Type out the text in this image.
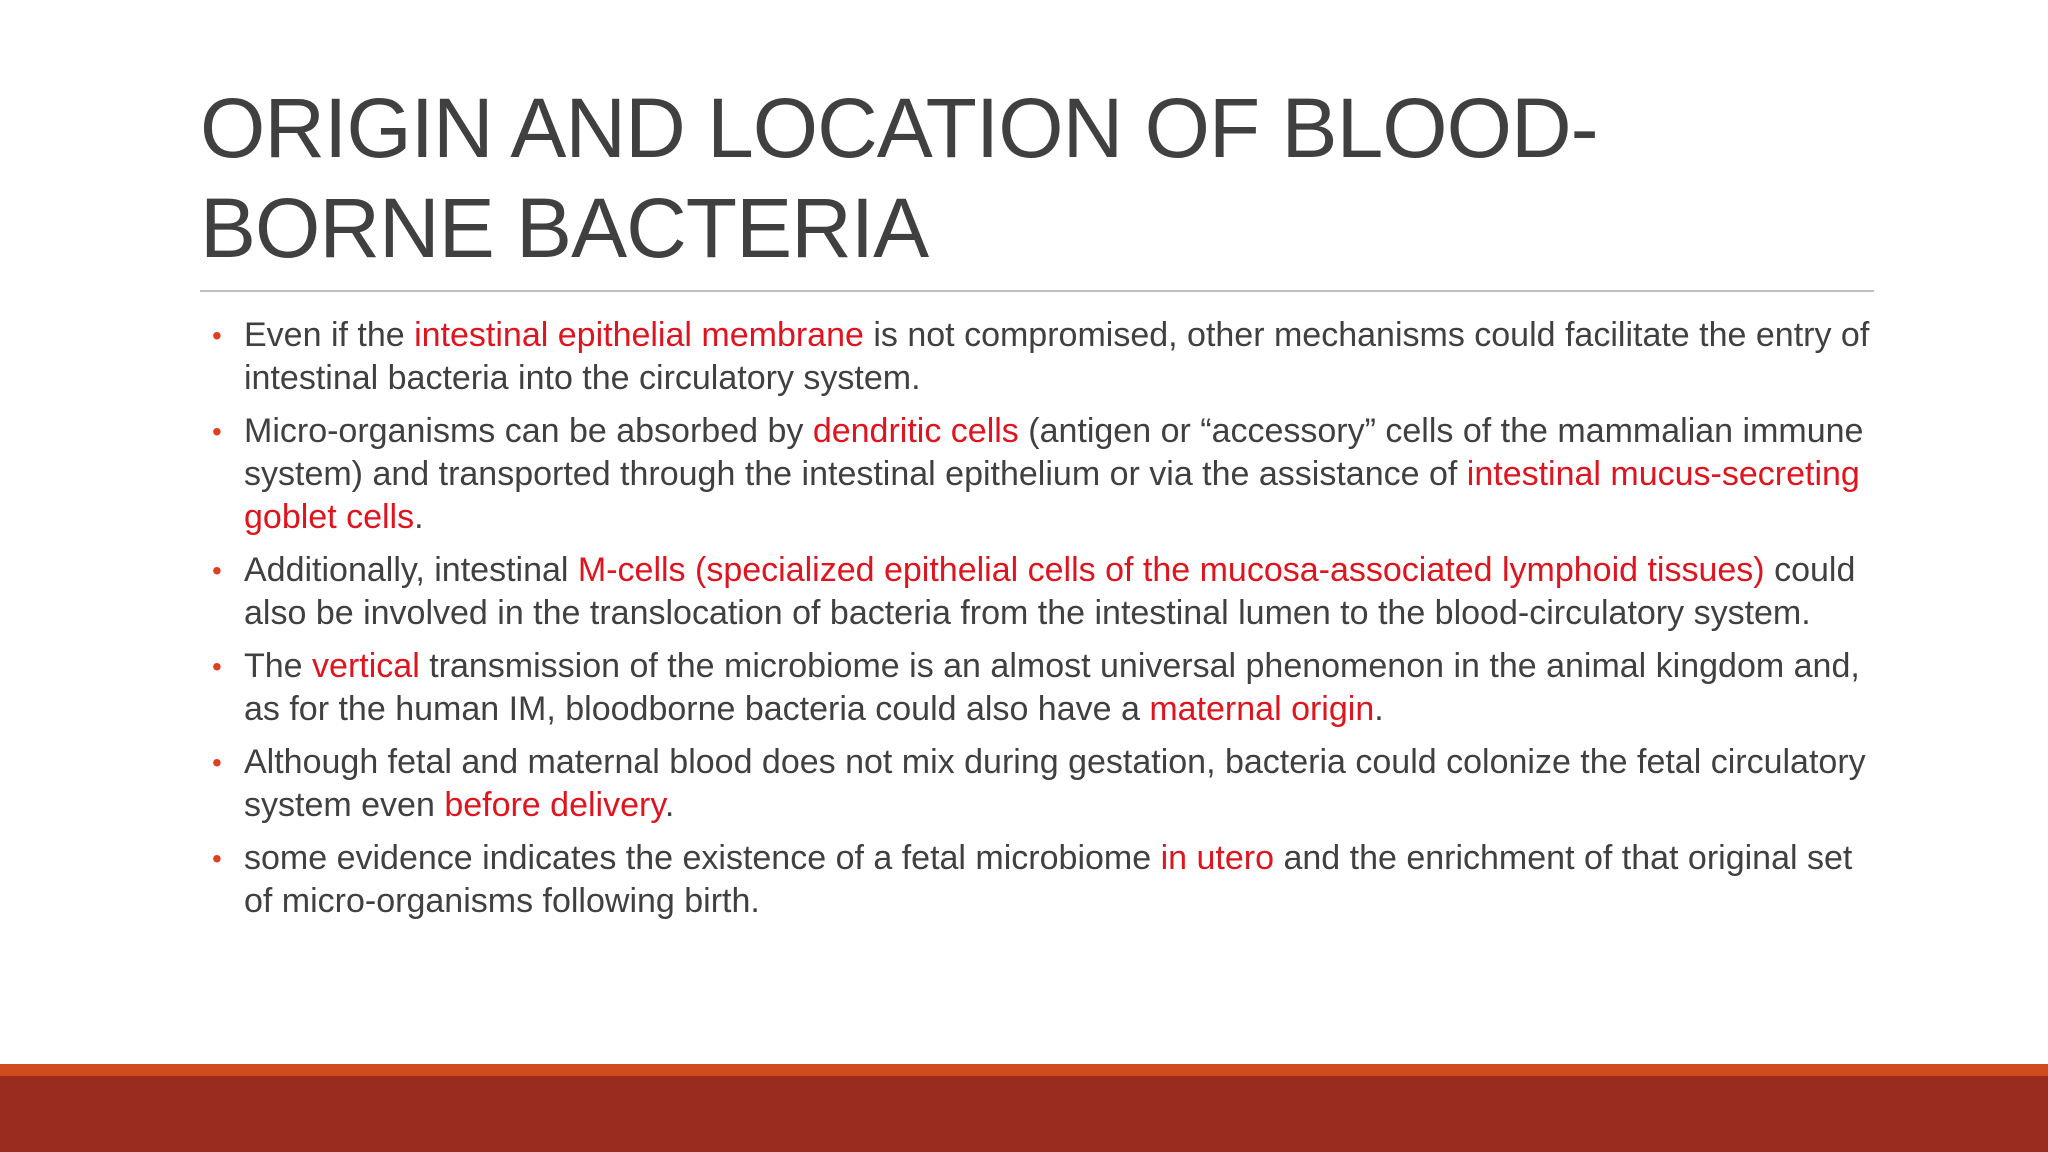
ORIGIN AND LOCATION OF BLOOD-BORNE BACTERIA
• Even if the intestinal epithelial membrane is not compromised, other mechanisms could facilitate the entry of intestinal bacteria into the circulatory system.
• Micro-organisms can be absorbed by dendritic cells (antigen or “accessory” cells of the mammalian immune system) and transported through the intestinal epithelium or via the assistance of intestinal mucus-secreting goblet cells.
• Additionally, intestinal M-cells (specialized epithelial cells of the mucosa-associated lymphoid tissues) could also be involved in the translocation of bacteria from the intestinal lumen to the blood-circulatory system.
• The vertical transmission of the microbiome is an almost universal phenomenon in the animal kingdom and, as for the human IM, bloodborne bacteria could also have a maternal origin.
• Although fetal and maternal blood does not mix during gestation, bacteria could colonize the fetal circulatory system even before delivery.
• some evidence indicates the existence of a fetal microbiome in utero and the enrichment of that original set of micro-organisms following birth.
